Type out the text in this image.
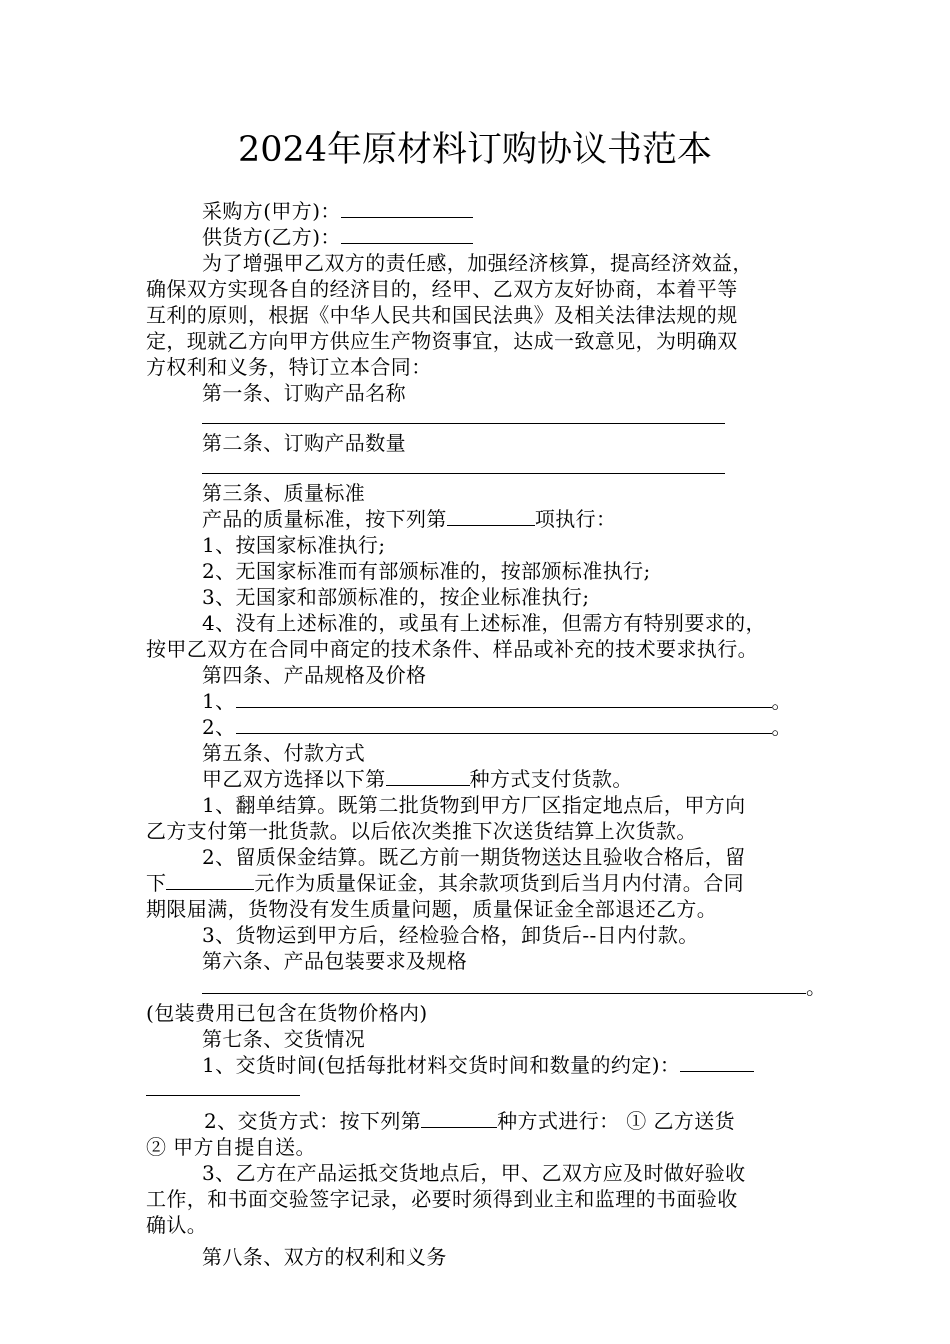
2024年原材料订购协议书范本
采购方(甲方)：
供货方(乙方)：
为了增强甲乙双方的责任感，加强经济核算，提高经济效益，
确保双方实现各自的经济目的，经甲、乙双方友好协商，本着平等
互利的原则，根据《中华人民共和国民法典》及相关法律法规的规
定，现就乙方向甲方供应生产物资事宜，达成一致意见，为明确双
方权利和义务，特订立本合同：
第一条、订购产品名称
第二条、订购产品数量
第三条、质量标准
产品的质量标准，按下列第	项执行：
1、按国家标准执行;
2、无国家标准而有部颁标准的，按部颁标准执行;
3、无国家和部颁标准的，按企业标准执行;
4、没有上述标准的，或虽有上述标准，但需方有特别要求的，
按甲乙双方在合同中商定的技术条件、样品或补充的技术要求执行。
第四条、产品规格及价格
1、	。
2、	。
第五条、付款方式
甲乙双方选择以下第	种方式支付货款。
1、翻单结算。既第二批货物到甲方厂区指定地点后，甲方向
乙方支付第一批货款。以后依次类推下次送货结算上次货款。
2、留质保金结算。既乙方前一期货物送达且验收合格后，留
下	元作为质量保证金，其余款项货到后当月内付清。合同
期限届满，货物没有发生质量问题，质量保证金全部退还乙方。
3、货物运到甲方后，经检验合格，卸货后--日内付款。
第六条、产品包装要求及规格
。
(包装费用已包含在货物价格内)
第七条、交货情况
1、交货时间(包括每批材料交货时间和数量的约定)：
2、交货方式：按下列第	种方式进行： ① 乙方送货
② 甲方自提自送。
3、乙方在产品运抵交货地点后，甲、乙双方应及时做好验收
工作，和书面交验签字记录，必要时须得到业主和监理的书面验收
确认。
第八条、双方的权利和义务
